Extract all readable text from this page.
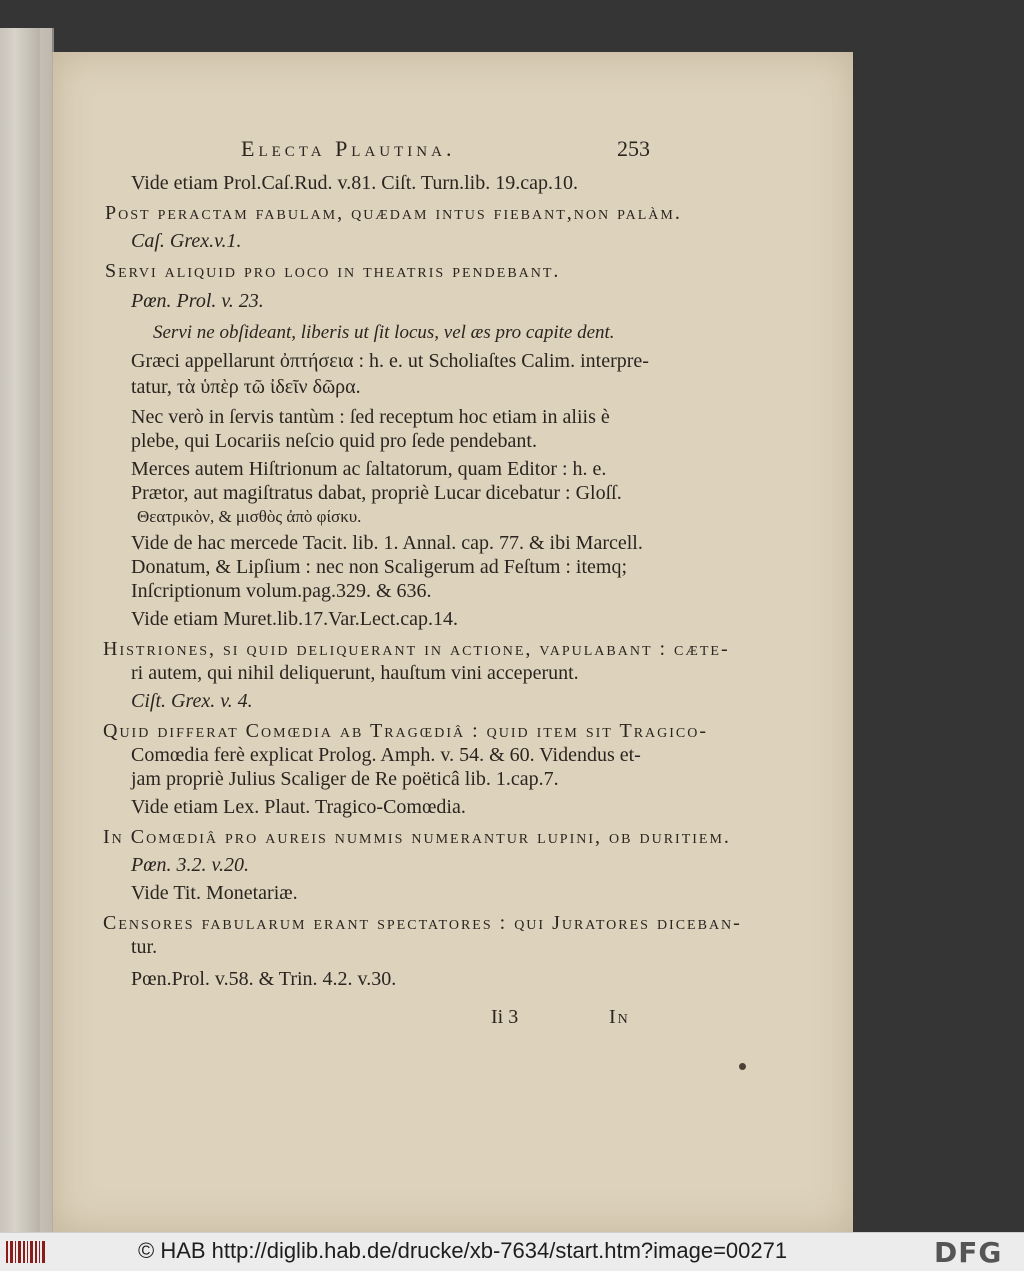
Electa Plautina.	253
Vide etiam Prol.Caſ.Rud. v.81. Ciſt. Turn.lib. 19.cap.10.
Post peractam fabulam, quædam intus fiebant,non palàm.
Caſ. Grex.v.1.
Servi aliquid pro loco in theatris pendebant.
Pœn. Prol. v. 23.
Servi ne obſideant, liberis ut ſit locus, vel æs pro capite dent.
Græci appellarunt ὀπτήσεια : h. e. ut Scholiaſtes Calim. interpre-
tatur, τὰ ὑπὲρ τῶ ἰδεῖν δῶρα.
Nec verò in ſervis tantùm : ſed receptum hoc etiam in aliis è
plebe, qui Locariis neſcio quid pro ſede pendebant.
Merces autem Hiſtrionum ac ſaltatorum, quam Editor : h. e.
Prætor, aut magiſtratus dabat, propriè Lucar dicebatur : Gloſſ.
Θεατρικὸν, & μισθὸς ἀπὸ φίσκυ.
Vide de hac mercede Tacit. lib. 1. Annal. cap. 77. & ibi Marcell.
Donatum, & Lipſium : nec non Scaligerum ad Feſtum : itemq;
Inſcriptionum volum.pag.329. & 636.
Vide etiam Muret.lib.17.Var.Lect.cap.14.
Histriones, ſi quid deliquerant in actione, vapulabant : cæte-
ri autem, qui nihil deliquerunt, hauſtum vini acceperunt.
Ciſt. Grex. v. 4.
Quid differat Comœdia ab Tragœdiâ : quid item ſit Tragico-
Comœdia ferè explicat Prolog. Amph. v. 54. & 60. Videndus et-
jam propriè Julius Scaliger de Re poëticâ lib. 1.cap.7.
Vide etiam Lex. Plaut. Tragico-Comœdia.
In Comœdiâ pro aureis nummis numerantur lupini, ob duritiem.
Pœn. 3.2. v.20.
Vide Tit. Monetariæ.
Censores fabularum erant ſpectatores : qui Juratores diceban-
tur.
Pœn.Prol. v.58. & Trin. 4.2. v.30.
Ii 3	In
© HAB http://diglib.hab.de/drucke/xb-7634/start.htm?image=00271	DFG
